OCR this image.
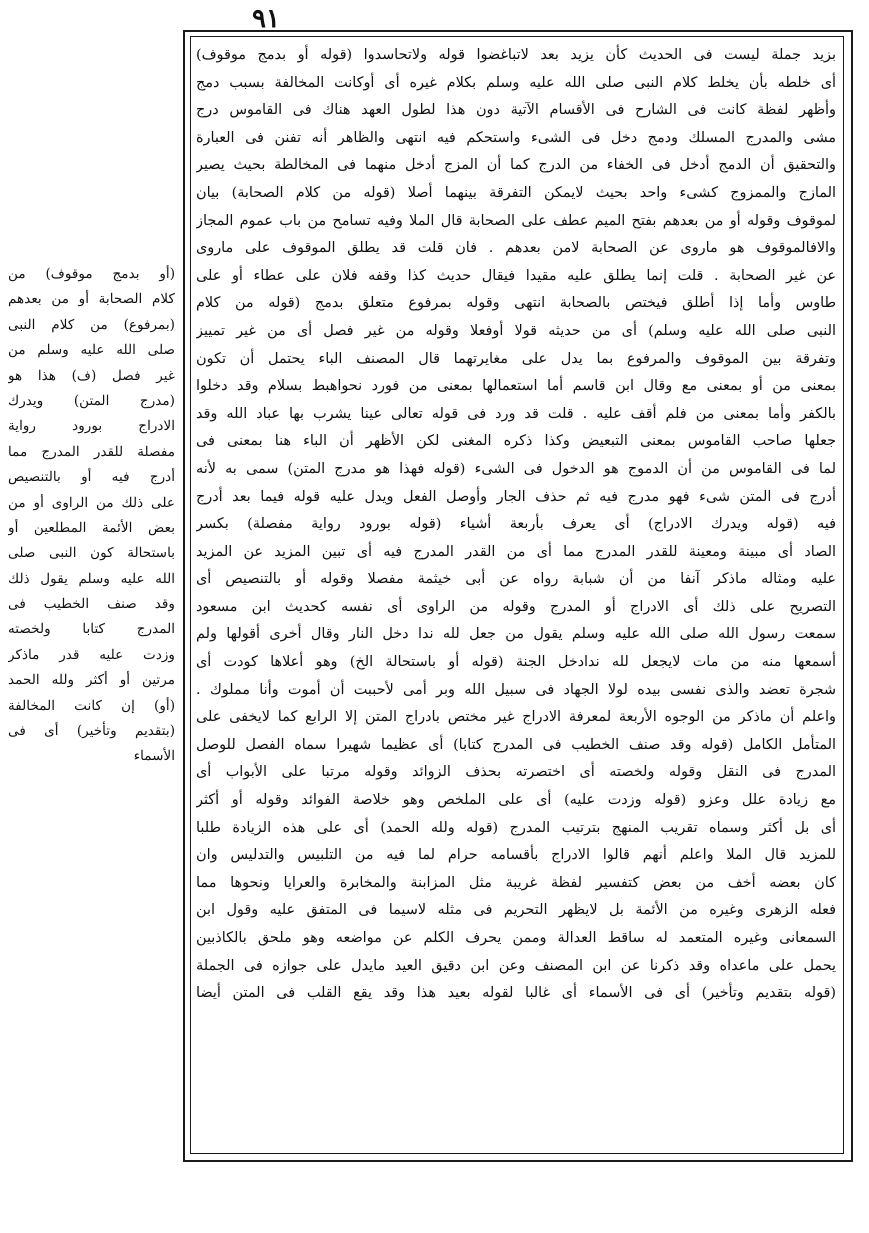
٩١
بزيد جملة ليست فى الحديث كأن يزيد بعد لاتباغضوا قوله ولاتحاسدوا (قوله أو بدمج موقوف)
أى خلطه بأن يخلط كلام النبى صلى الله عليه وسلم بكلام غيره أى أوكانت المخالفة بسبب دمج
وأظهر لفظة كانت فى الشارح فى الأقسام الآتية دون هذا لطول العهد هناك فى القاموس درج
مشى والمدرج المسلك ودمج دخل فى الشىء واستحكم فيه انتهى والظاهر أنه تفنن فى العبارة
والتحقيق أن الدمج أدخل فى الخفاء من الدرج كما أن المزج أدخل منهما فى المخالطة بحيث يصير
المازج والممزوج كشىء واحد بحيث لايمكن التفرقة بينهما أصلا (قوله من كلام الصحابة) بيان
لموقوف وقوله أو من بعدهم بفتح الميم عطف على الصحابة قال الملا وفيه تسامح من باب عموم المجاز
والافالموقوف هو ماروى عن الصحابة لامن بعدهم . فان قلت قد يطلق الموقوف على ماروى
عن غير الصحابة . قلت إنما يطلق عليه مقيدا فيقال حديث كذا وقفه فلان على عطاء أو على
طاوس وأما إذا أطلق فيختص بالصحابة انتهى وقوله بمرفوع متعلق بدمج (قوله من كلام
النبى صلى الله عليه وسلم) أى من حديثه قولا أوفعلا وقوله من غير فصل أى من غير تمييز
وتفرقة بين الموقوف والمرفوع بما يدل على مغايرتهما قال المصنف الباء يحتمل أن تكون
بمعنى من أو بمعنى مع وقال ابن قاسم أما استعمالها بمعنى من فورد نحواهبط بسلام وقد دخلوا
بالكفر وأما بمعنى من فلم أقف عليه . قلت قد ورد فى قوله تعالى عينا يشرب بها عباد الله وقد
جعلها صاحب القاموس بمعنى التبعيض وكذا ذكره المغنى لكن الأظهر أن الباء هنا بمعنى فى
لما فى القاموس من أن الدموج هو الدخول فى الشىء (قوله فهذا هو مدرج المتن) سمى به لأنه
أدرج فى المتن شىء فهو مدرج فيه ثم حذف الجار وأوصل الفعل ويدل عليه قوله فيما بعد أدرج
فيه (قوله ويدرك الادراج) أى يعرف بأربعة أشياء (قوله بورود رواية مفصلة) بكسر
الصاد أى مبينة ومعينة للقدر المدرج مما أى من القدر المدرج فيه أى تبين المزيد عن المزيد
عليه ومثاله ماذكر آنفا من أن شبابة رواه عن أبى خيثمة مفصلا وقوله أو بالتنصيص أى
التصريح على ذلك أى الادراج أو المدرج وقوله من الراوى أى نفسه كحديث ابن مسعود
سمعت رسول الله صلى الله عليه وسلم يقول من جعل لله ندا دخل النار وقال أخرى أقولها ولم
أسمعها منه من مات لايجعل لله ندادخل الجنة (قوله أو باستحالة الخ) وهو أعلاها كودت أى
شجرة تعضد والذى نفسى بيده لولا الجهاد فى سبيل الله وبر أمى لأحببت أن أموت وأنا مملوك .
واعلم أن ماذكر من الوجوه الأربعة لمعرفة الادراج غير مختص بادراج المتن إلا الرابع كما لايخفى على
المتأمل الكامل (قوله وقد صنف الخطيب فى المدرج كتابا) أى عظيما شهيرا سماه الفصل للوصل
المدرج فى النقل وقوله ولخصته أى اختصرته بحذف الزوائد وقوله مرتبا على الأبواب أى
مع زيادة علل وعزو (قوله وزدت عليه) أى على الملخص وهو خلاصة الفوائد وقوله أو أكثر
أى بل أكثر وسماه تقريب المنهج بترتيب المدرج (قوله ولله الحمد) أى على هذه الزيادة طلبا
للمزيد قال الملا واعلم أنهم قالوا الادراج بأقسامه حرام لما فيه من التلبيس والتدليس وان
كان بعضه أخف من بعض كتفسير لفظة غريبة مثل المزابنة والمخابرة والعرايا ونحوها مما
فعله الزهرى وغيره من الأئمة بل لايظهر التحريم فى مثله لاسيما فى المتفق عليه وقول ابن
السمعانى وغيره المتعمد له ساقط العدالة وممن يحرف الكلم عن مواضعه وهو ملحق بالكاذبين
يحمل على ماعداه وقد ذكرنا عن ابن المصنف وعن ابن دقيق العيد مايدل على جوازه فى الجملة
(قوله بتقديم وتأخير) أى فى الأسماء أى غالبا لقوله بعيد هذا وقد يقع القلب فى المتن أيضا
(أو بدمج موقوف) من
كلام الصحابة أو من بعدهم
(بمرفوع) من كلام النبى
صلى الله عليه وسلم من
غير فصل (ف) هذا هو
(مدرج المتن) ويدرك
الادراج بورود رواية
مفصلة للقدر المدرج مما
أدرج فيه أو بالتنصيص
على ذلك من الراوى أو من
بعض الأئمة المطلعين أو
باستحالة كون النبى صلى
الله عليه وسلم يقول ذلك
وقد صنف الخطيب فى
المدرج كتابا ولخصته
وزدت عليه قدر ماذكر
مرتين أو أكثر ولله الحمد
(أو) إن كانت المخالفة
(بتقديم وتأخير) أى فى
الأسماء
